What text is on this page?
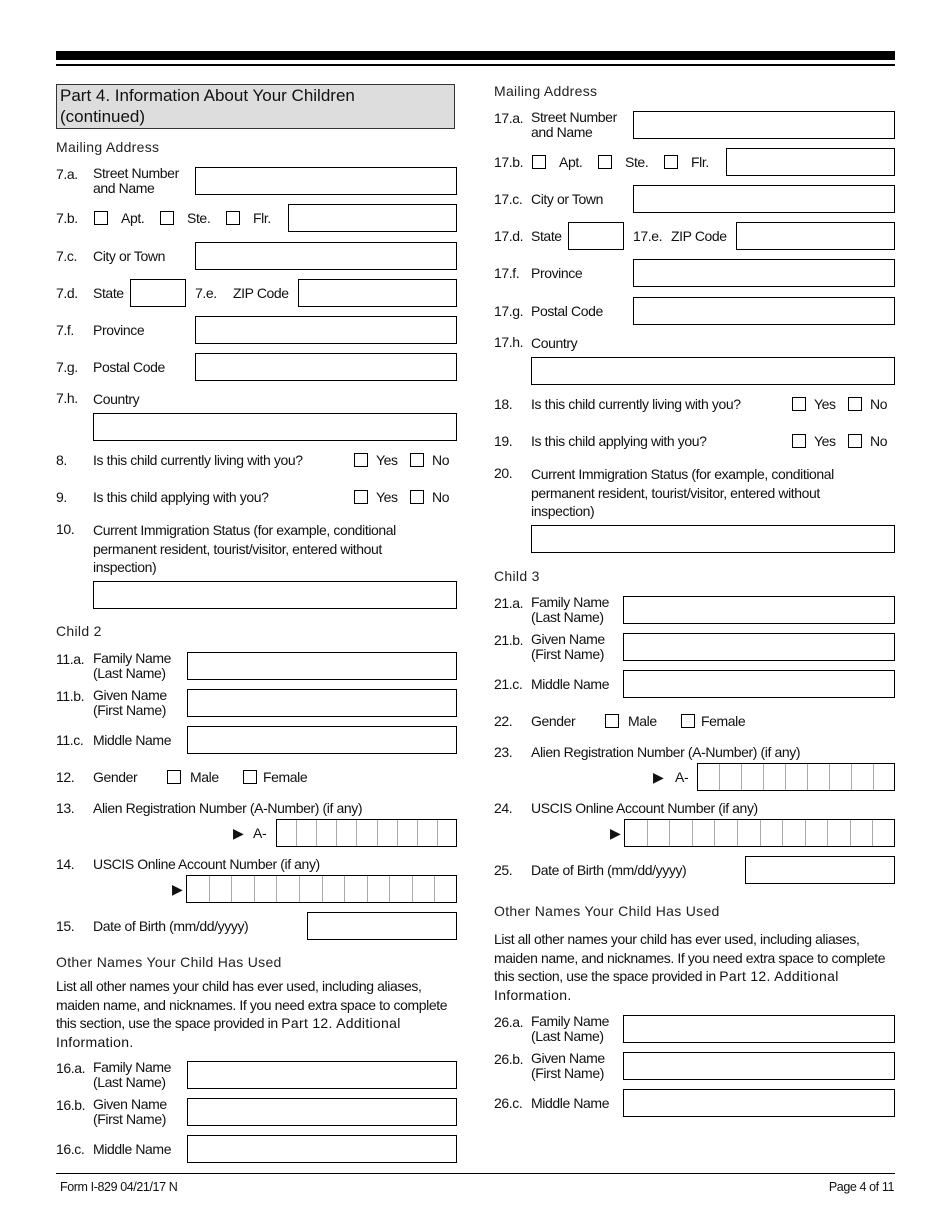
Part 4. Information About Your Children
(continued)
Form I-829 04/21/17 N	Page 4 of 11
Mailing Address
7.a. Street Number
and Name
7.b.	Apt.	Ste.	Flr.
7.c. City or Town
7.d. State	7.e. ZIP Code
7.f. Province
7.g. Postal Code
7.h. Country
8. Is this child currently living with you?	Yes No
9. Is this child applying with you?	Yes No
10. Current Immigration Status (for example, conditional
permanent resident, tourist/visitor, entered without
inspection)
Child 2
11.a. Family Name
(Last Name)
11.b. Given Name
(First Name)
11.c. Middle Name
12. Gender	Male	Female
13. Alien Registration Number (A-Number) (if any)
▶ A-
14. USCIS Online Account Number (if any)
▶
15. Date of Birth (mm/dd/yyyy)
Other Names Your Child Has Used
List all other names your child has ever used, including aliases, maiden name, and nicknames. If you need extra space to complete this section, use the space provided in Part 12. Additional Information.
16.a. Family Name
(Last Name)
16.b. Given Name
(First Name)
16.c. Middle Name
Mailing Address
17.a. Street Number
and Name
17.b.	Apt.	Ste.	Flr.
17.c. City or Town
17.d. State	17.e. ZIP Code
17.f. Province
17.g. Postal Code
17.h. Country
18. Is this child currently living with you?	Yes No
19. Is this child applying with you?	Yes No
20. Current Immigration Status (for example, conditional
permanent resident, tourist/visitor, entered without
inspection)
Child 3
21.a. Family Name
(Last Name)
21.b. Given Name
(First Name)
21.c. Middle Name
22. Gender	Male	Female
23. Alien Registration Number (A-Number) (if any)
▶ A-
24. USCIS Online Account Number (if any)
▶
25. Date of Birth (mm/dd/yyyy)
Other Names Your Child Has Used
List all other names your child has ever used, including aliases, maiden name, and nicknames. If you need extra space to complete this section, use the space provided in Part 12. Additional Information.
26.a. Family Name
(Last Name)
26.b. Given Name
(First Name)
26.c. Middle Name
